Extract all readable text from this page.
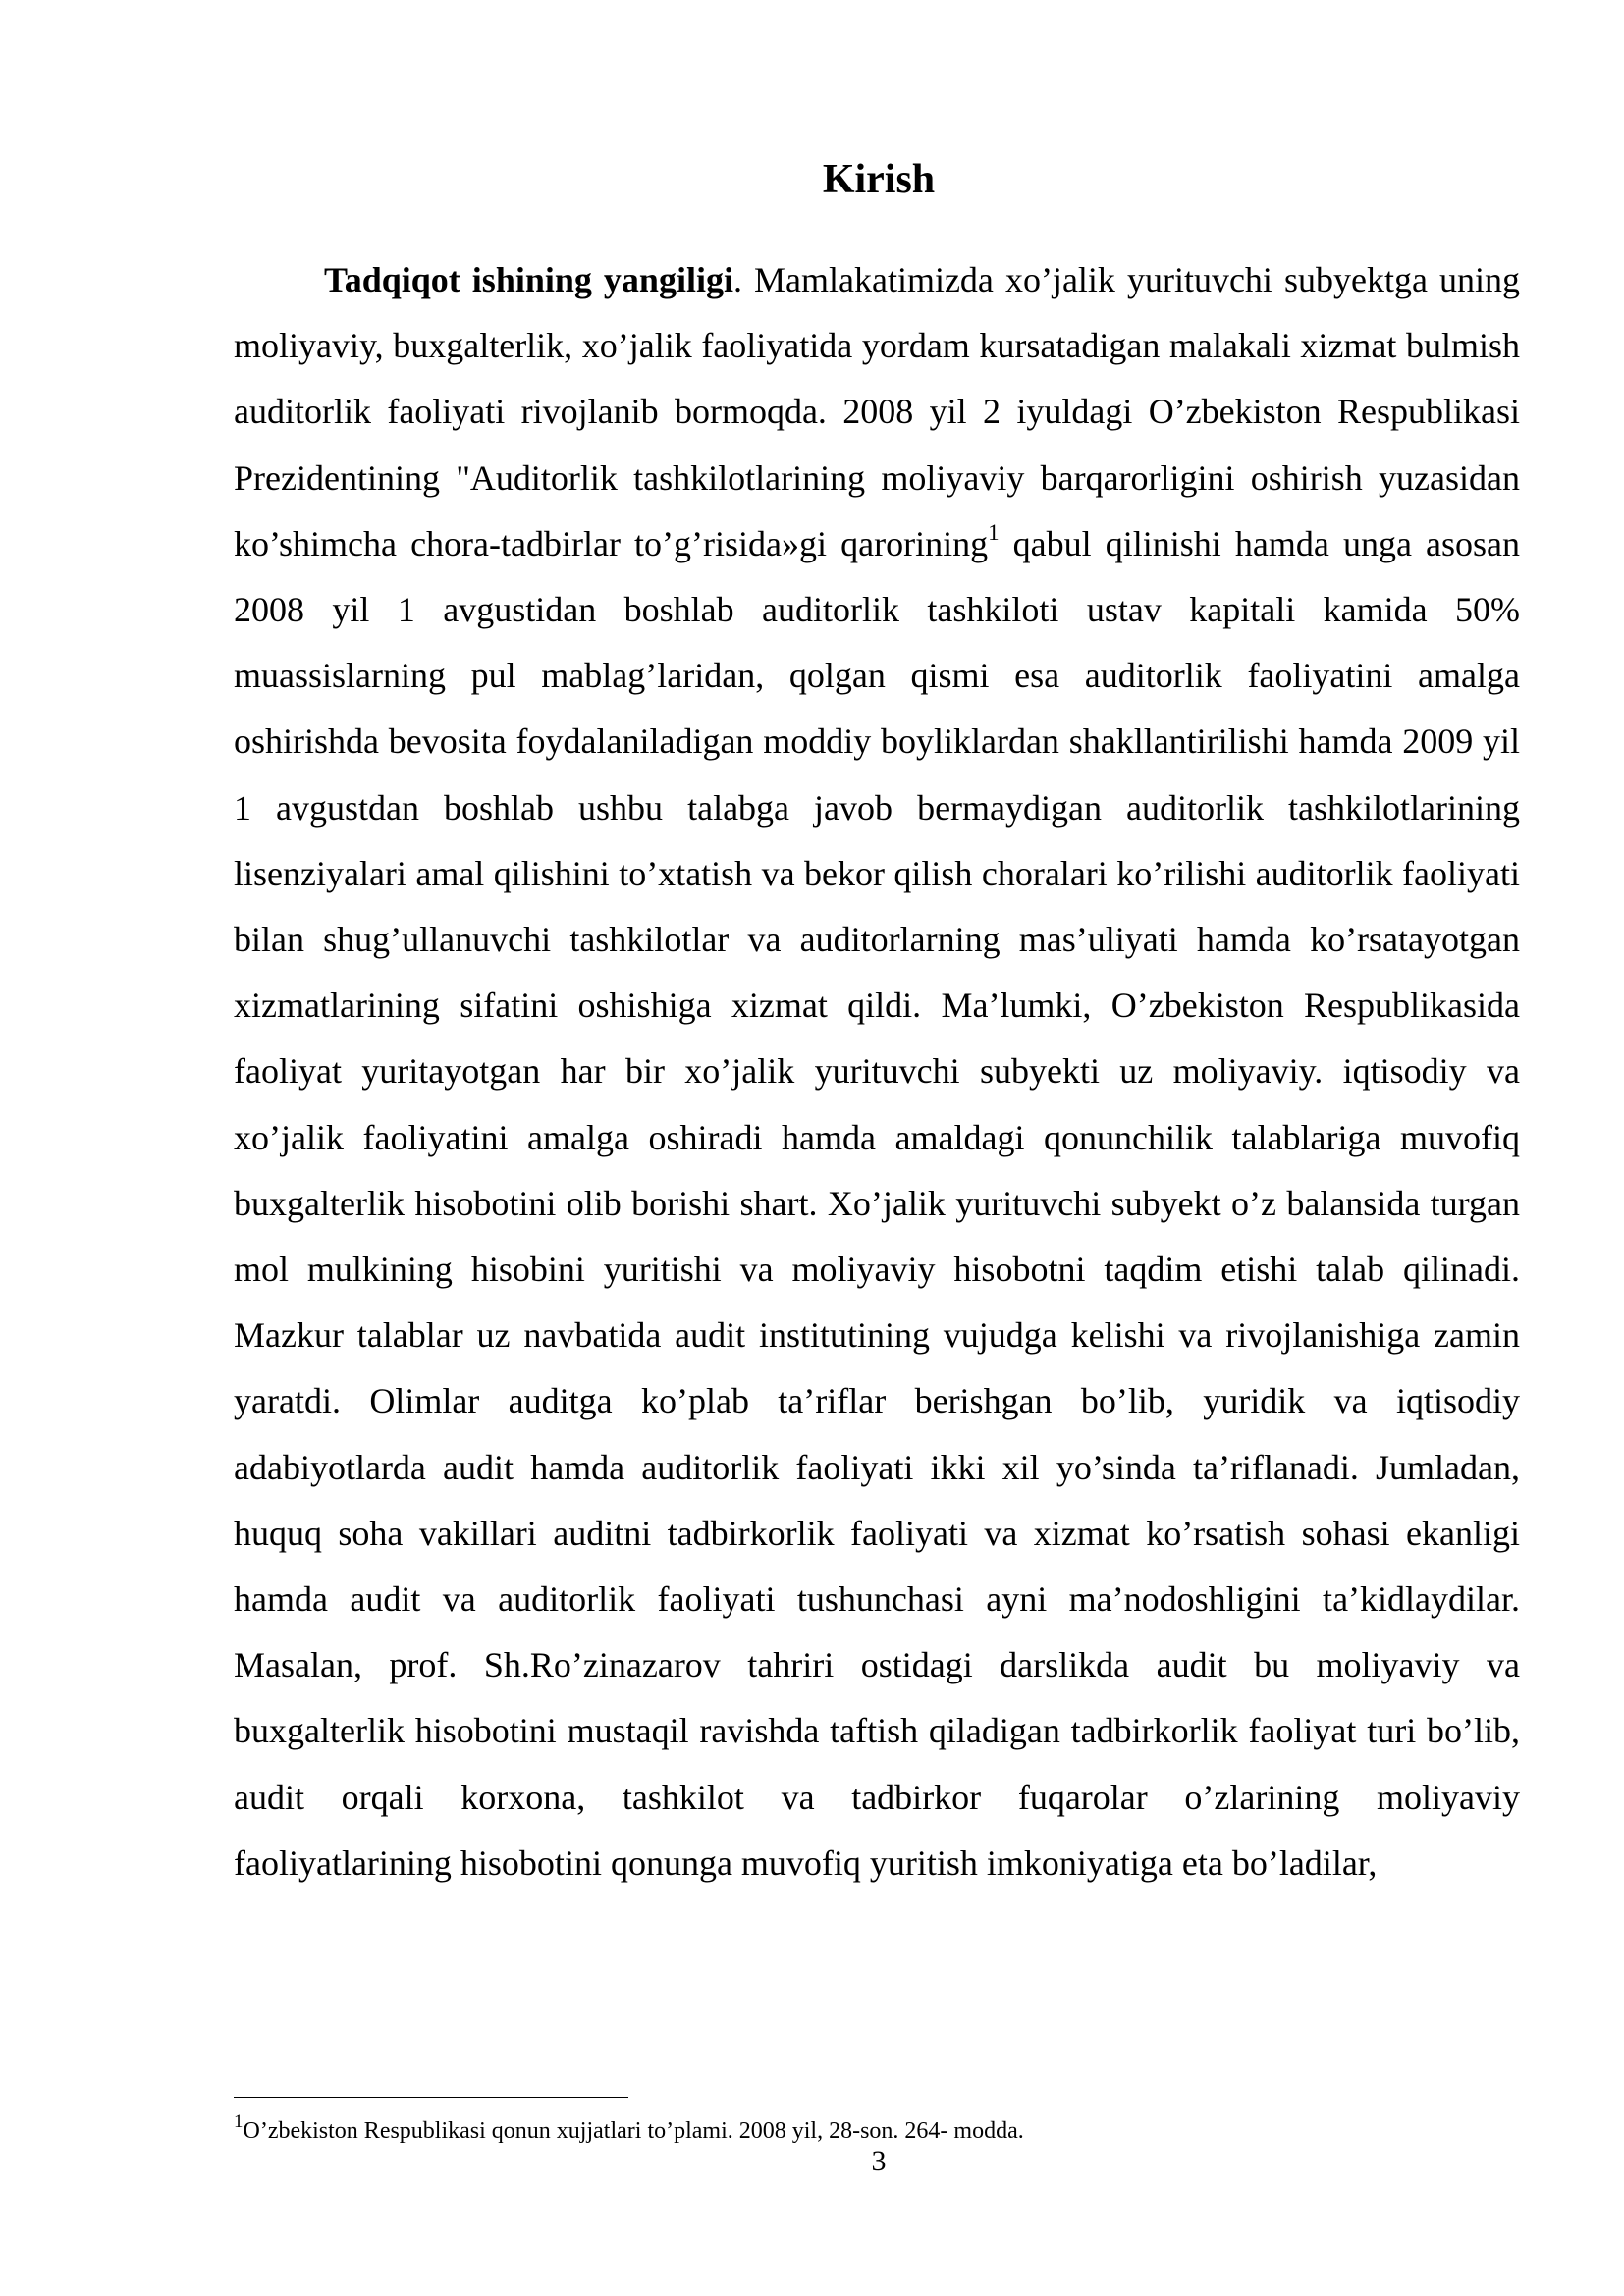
Kirish

Tadqiqot ishining yangiligi. Mamlakatimizda xo’jalik yurituvchi subyektga uning moliyaviy, buxgalterlik, xo’jalik faoliyatida yordam kursatadigan malakali xizmat bulmish auditorlik faoliyati rivojlanib bormoqda. 2008 yil 2 iyuldagi O’zbekiston Respublikasi Prezidentining "Auditorlik tashkilotlarining moliyaviy barqarorligini oshirish yuzasidan ko’shimcha chora-tadbirlar to’g’risida»gi qarorining$^1$ qabul qilinishi hamda unga asosan 2008 yil 1 avgustidan boshlab auditorlik tashkiloti ustav kapitali kamida 50% muassislarning pul mablag’laridan, qolgan qismi esa auditorlik faoliyatini amalga oshirishda bevosita foydalaniladigan moddiy boyliklardan shakllantirilishi hamda 2009 yil 1 avgustdan boshlab ushbu talabga javob bermaydigan auditorlik tashkilotlarining lisenziyalari amal qilishini to’xtatish va bekor qilish choralari ko’rilishi auditorlik faoliyati bilan shug’ullanuvchi tashkilotlar va auditorlarning mas’uliyati hamda ko’rsatayotgan xizmatlarining sifatini oshishiga xizmat qildi. Ma’lumki, O’zbekiston Respublikasida faoliyat yuritayotgan har bir xo’jalik yurituvchi subyekti uz moliyaviy. iqtisodiy va xo’jalik faoliyatini amalga oshiradi hamda amaldagi qonunchilik talablariga muvofiq buxgalterlik hisobotini olib borishi shart. Xo’jalik yurituvchi subyekt o’z balansida turgan mol mulkining hisobini yuritishi va moliyaviy hisobotni taqdim etishi talab qilinadi. Mazkur talablar uz navbatida audit institutining vujudga kelishi va rivojlanishiga zamin yaratdi. Olimlar auditga ko’plab ta’riflar berishgan bo’lib, yuridik va iqtisodiy adabiyotlarda audit hamda auditorlik faoliyati ikki xil yo’sinda ta’riflanadi. Jumladan, huquq soha vakillari auditni tadbirkorlik faoliyati va xizmat ko’rsatish sohasi ekanligi hamda audit va auditorlik faoliyati tushunchasi ayni ma’nodoshligini ta’kidlaydilar. Masalan, prof. Sh.Ro’zinazarov tahriri ostidagi darslikda audit bu moliyaviy va buxgalterlik hisobotini mustaqil ravishda taftish qiladigan tadbirkorlik faoliyat turi bo’lib, audit orqali korxona, tashkilot va tadbirkor fuqarolar o’zlarining moliyaviy faoliyatlarining hisobotini qonunga muvofiq yuritish imkoniyatiga eta bo’ladilar,

$^1$O’zbekiston Respublikasi qonun xujjatlari to’plami. 2008 yil, 28-son. 264- modda.

3
